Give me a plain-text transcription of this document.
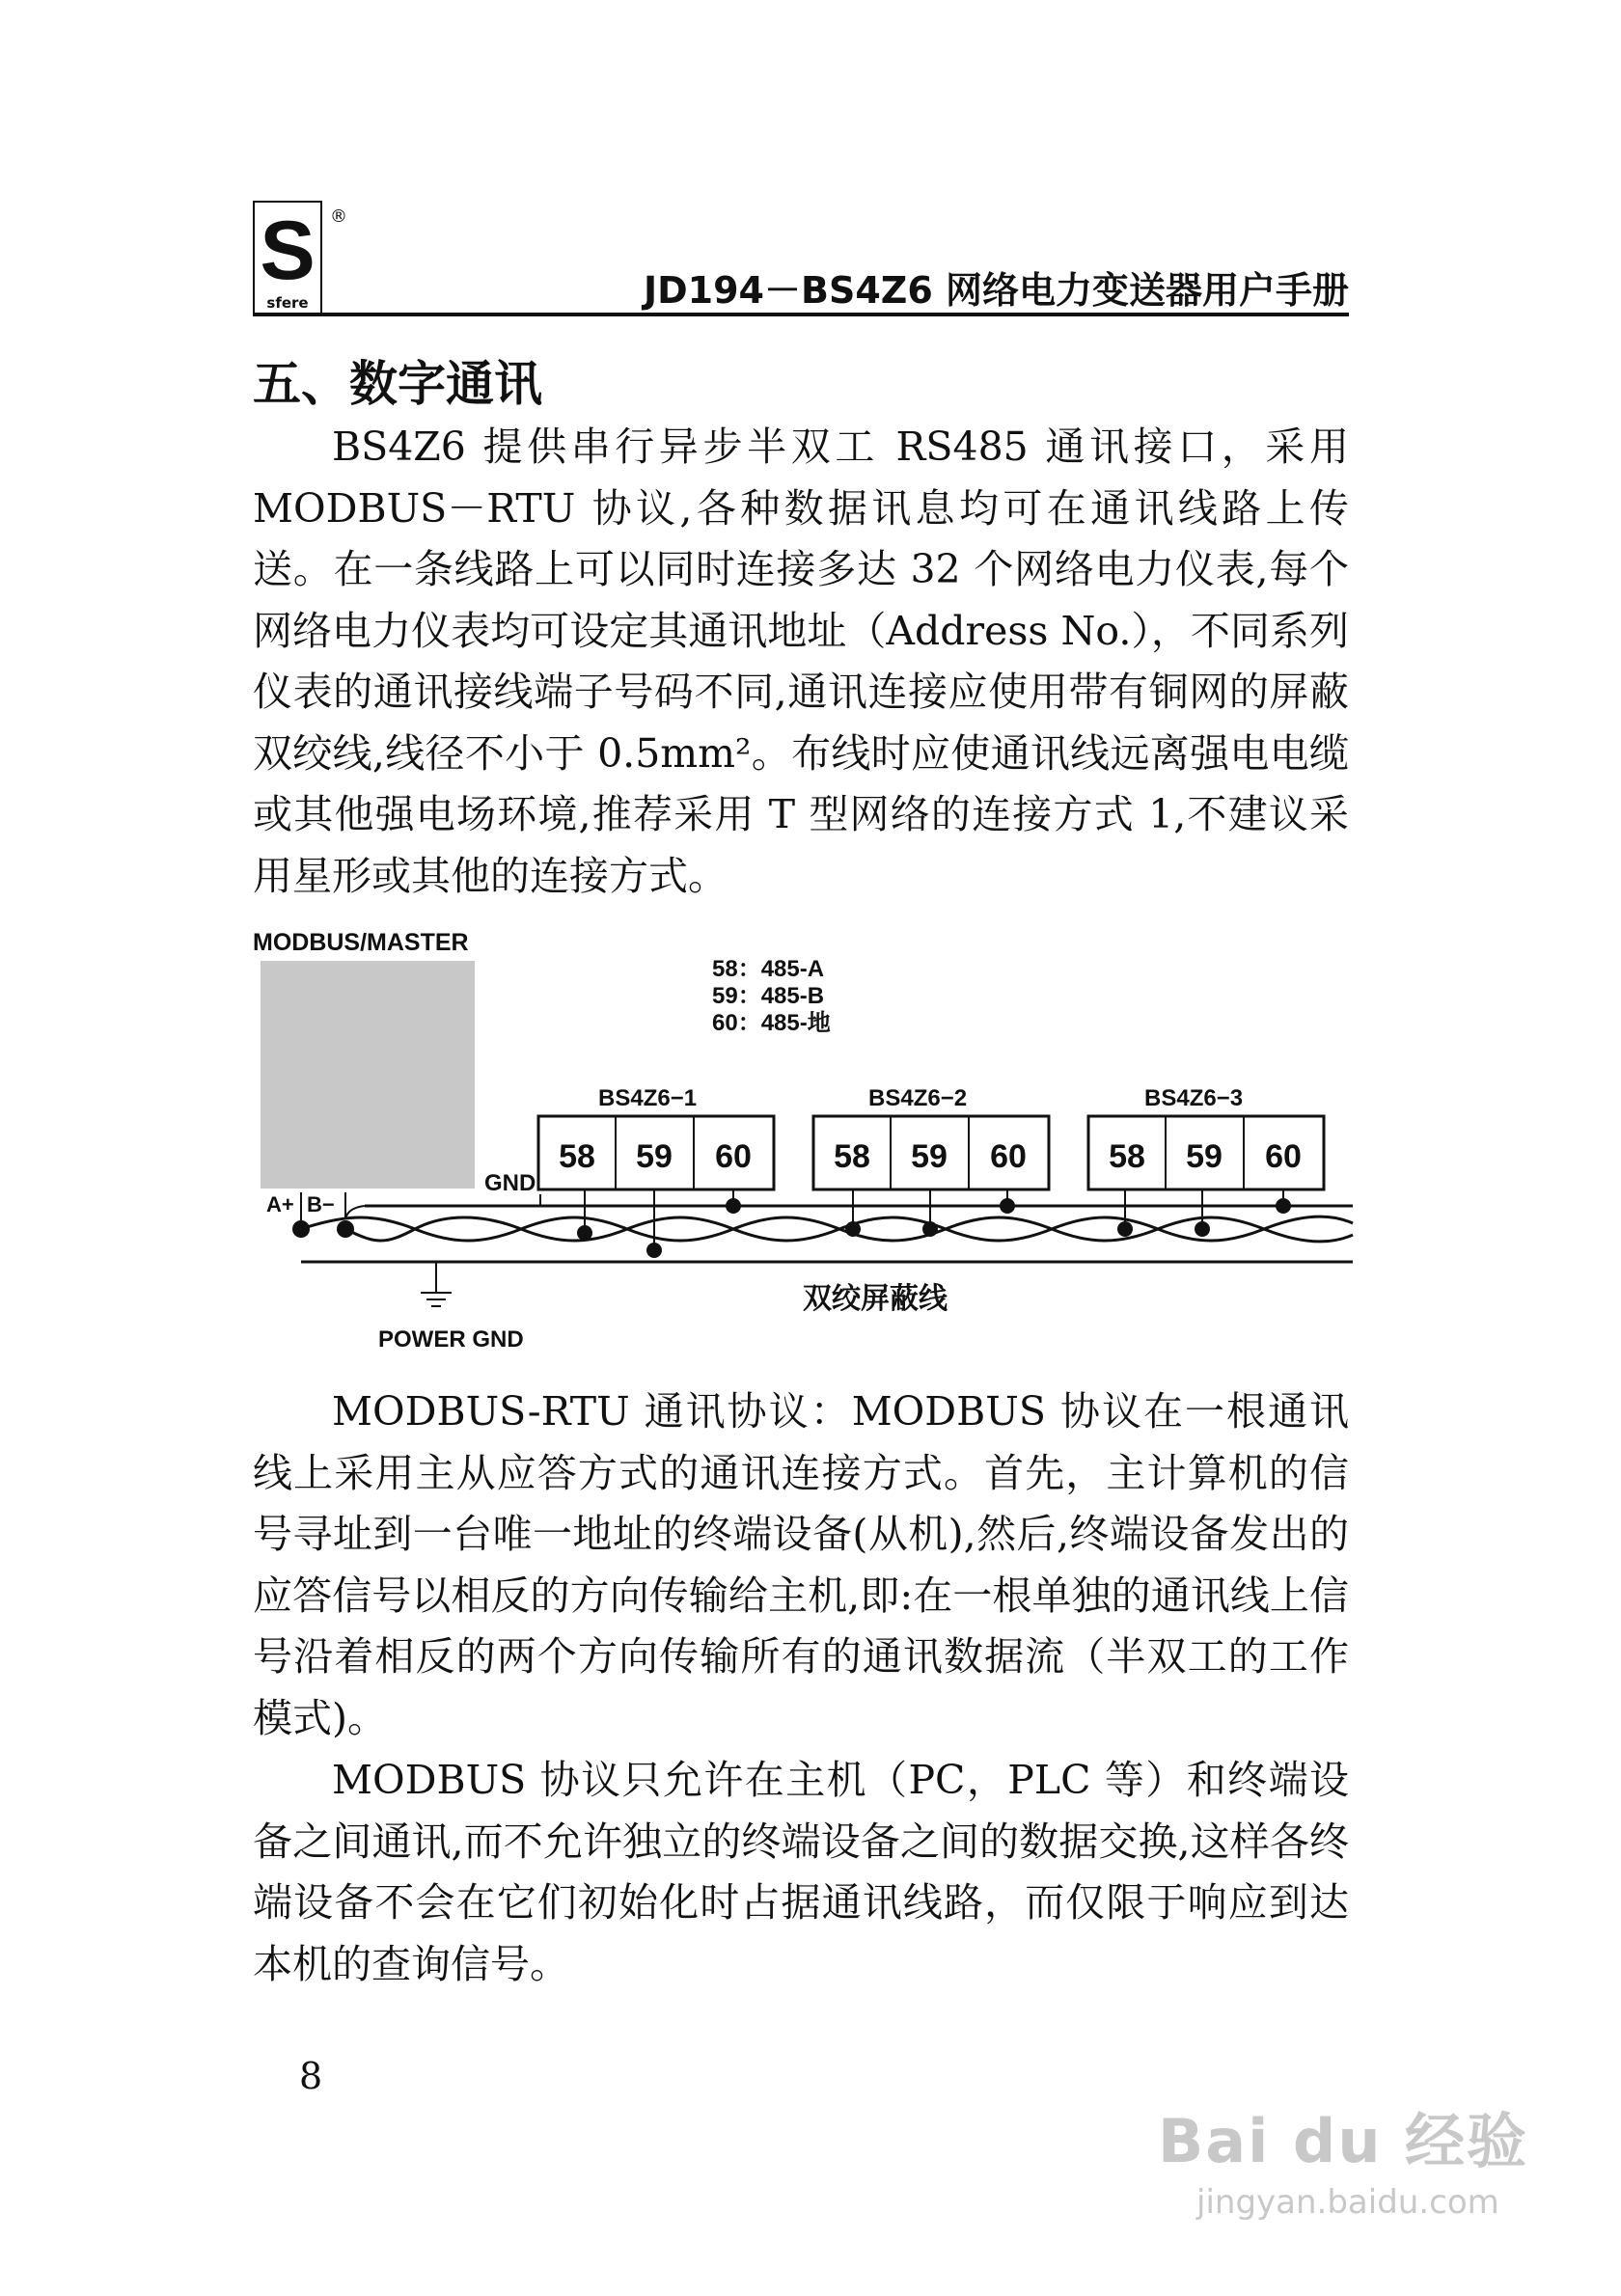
S
sfere
®
JD194－BS4Z6 网络电力变送器用户手册
五、数字通讯

BS4Z6 提供串行异步半双工 RS485 通讯接口，采用 MODBUS－RTU 协议,各种数据讯息均可在通讯线路上传送。在一条线路上可以同时连接多达 32 个网络电力仪表,每个网络电力仪表均可设定其通讯地址（Address No.），不同系列仪表的通讯接线端子号码不同,通讯连接应使用带有铜网的屏蔽双绞线,线径不小于 0.5mm²。布线时应使通讯线远离强电电缆或其他强电场环境,推荐采用 T 型网络的连接方式 1,不建议采用星形或其他的连接方式。

MODBUS/MASTER
58：485-A
59：485-B
60：485-地
A+ B−
GND
BS4Z6−1
58 59 60
BS4Z6−2
58 59 60
BS4Z6−3
58 59 60
POWER GND
双绞屏蔽线

MODBUS-RTU 通讯协议：MODBUS 协议在一根通讯线上采用主从应答方式的通讯连接方式。首先，主计算机的信号寻址到一台唯一地址的终端设备(从机),然后,终端设备发出的应答信号以相反的方向传输给主机,即:在一根单独的通讯线上信号沿着相反的两个方向传输所有的通讯数据流（半双工的工作模式)。

MODBUS 协议只允许在主机（PC，PLC 等）和终端设备之间通讯,而不允许独立的终端设备之间的数据交换,这样各终端设备不会在它们初始化时占据通讯线路，而仅限于响应到达本机的查询信号。

8
Bai du 经验
jingyan.baidu.com
